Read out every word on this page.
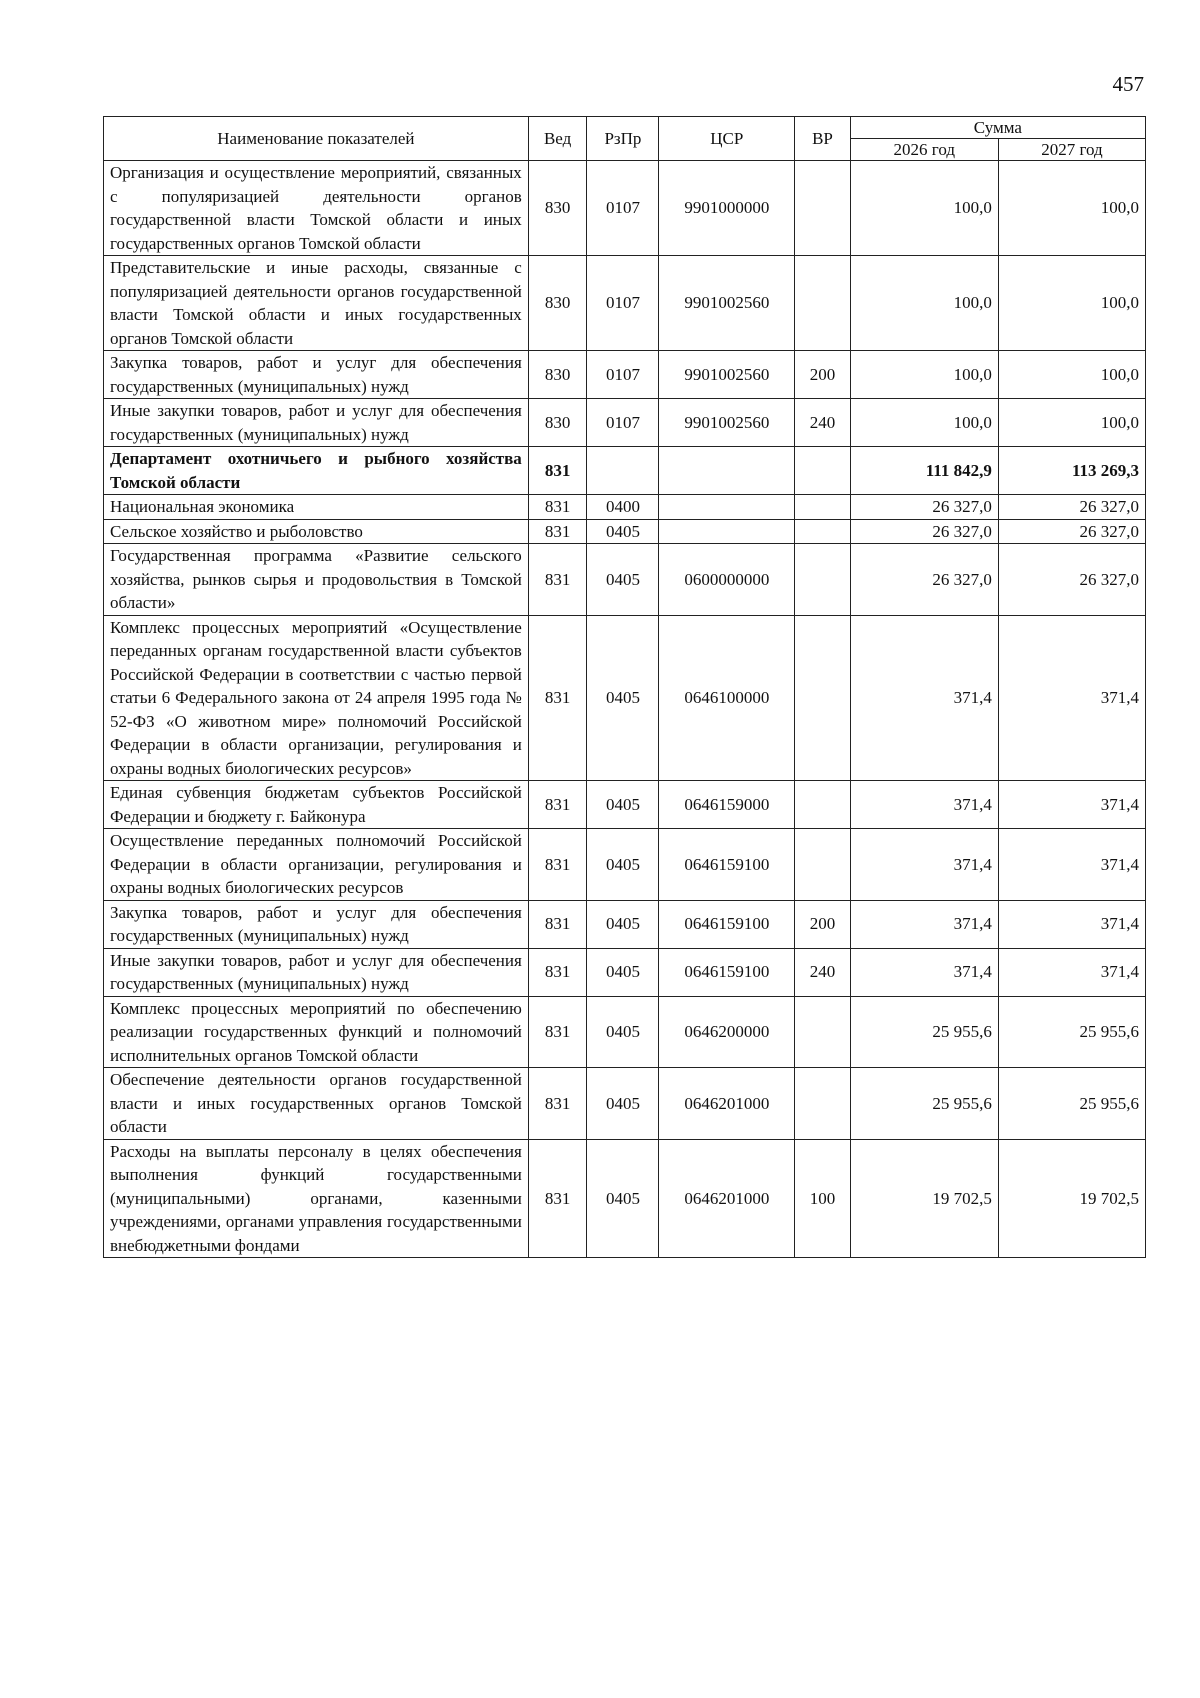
457
Наименование показателей	Вед	РзПр	ЦСР	ВР	Сумма	
					2026 год	2027 год
Организация и осуществление мероприятий, связанных с популяризацией деятельности органов государственной власти Томской области и иных государственных органов Томской области	830	0107	9901000000		100,0	100,0
Представительские и иные расходы, связанные с популяризацией деятельности органов государственной власти Томской области и иных государственных органов Томской области	830	0107	9901002560		100,0	100,0
Закупка товаров, работ и услуг для обеспечения государственных (муниципальных) нужд	830	0107	9901002560	200	100,0	100,0
Иные закупки товаров, работ и услуг для обеспечения государственных (муниципальных) нужд	830	0107	9901002560	240	100,0	100,0
Департамент охотничьего и рыбного хозяйства Томской области	831				111 842,9	113 269,3
Национальная экономика	831	0400			26 327,0	26 327,0
Сельское хозяйство и рыболовство	831	0405			26 327,0	26 327,0
Государственная программа «Развитие сельского хозяйства, рынков сырья и продовольствия в Томской области»	831	0405	0600000000		26 327,0	26 327,0
Комплекс процессных мероприятий «Осуществление переданных органам государственной власти субъектов Российской Федерации в соответствии с частью первой статьи 6 Федерального закона от 24 апреля 1995 года № 52-ФЗ «О животном мире» полномочий Российской Федерации в области организации, регулирования и охраны водных биологических ресурсов»	831	0405	0646100000		371,4	371,4
Единая субвенция бюджетам субъектов Российской Федерации и бюджету г. Байконура	831	0405	0646159000		371,4	371,4
Осуществление переданных полномочий Российской Федерации в области организации, регулирования и охраны водных биологических ресурсов	831	0405	0646159100		371,4	371,4
Закупка товаров, работ и услуг для обеспечения государственных (муниципальных) нужд	831	0405	0646159100	200	371,4	371,4
Иные закупки товаров, работ и услуг для обеспечения государственных (муниципальных) нужд	831	0405	0646159100	240	371,4	371,4
Комплекс процессных мероприятий по обеспечению реализации государственных функций и полномочий исполнительных органов Томской области	831	0405	0646200000		25 955,6	25 955,6
Обеспечение деятельности органов государственной власти и иных государственных органов Томской области	831	0405	0646201000		25 955,6	25 955,6
Расходы на выплаты персоналу в целях обеспечения выполнения функций государственными (муниципальными) органами, казенными учреждениями, органами управления государственными внебюджетными фондами	831	0405	0646201000	100	19 702,5	19 702,5
